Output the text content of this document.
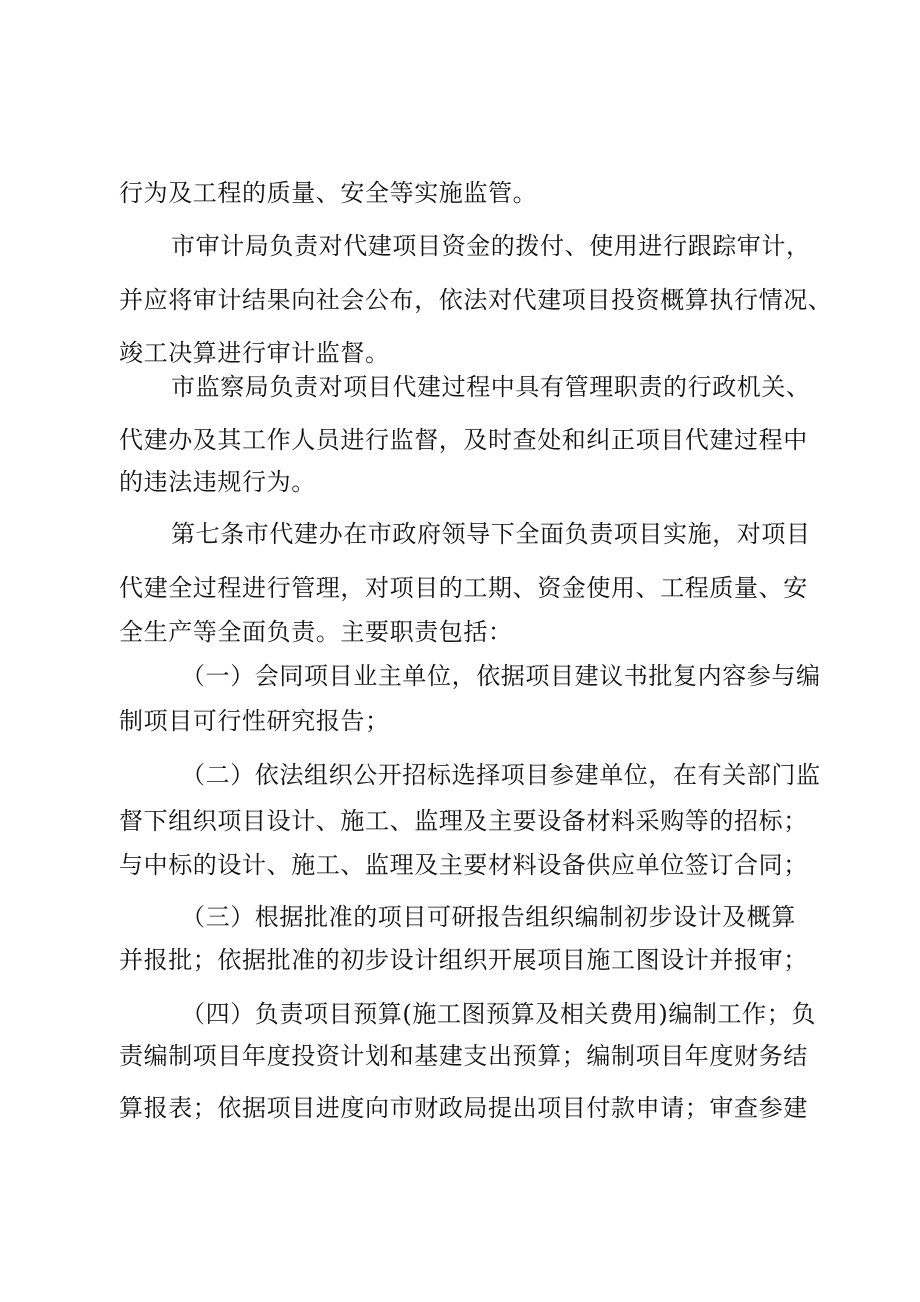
行为及工程的质量、安全等实施监管。
市审计局负责对代建项目资金的拨付、使用进行跟踪审计，
并应将审计结果向社会公布，依法对代建项目投资概算执行情况、
竣工决算进行审计监督。
市监察局负责对项目代建过程中具有管理职责的行政机关、
代建办及其工作人员进行监督，及时查处和纠正项目代建过程中
的违法违规行为。
第七条市代建办在市政府领导下全面负责项目实施，对项目
代建全过程进行管理，对项目的工期、资金使用、工程质量、安
全生产等全面负责。主要职责包括：
（一）会同项目业主单位，依据项目建议书批复内容参与编
制项目可行性研究报告；
（二）依法组织公开招标选择项目参建单位，在有关部门监
督下组织项目设计、施工、监理及主要设备材料采购等的招标；
与中标的设计、施工、监理及主要材料设备供应单位签订合同；
（三）根据批准的项目可研报告组织编制初步设计及概算
并报批；依据批准的初步设计组织开展项目施工图设计并报审；
（四）负责项目预算(施工图预算及相关费用)编制工作；负
责编制项目年度投资计划和基建支出预算；编制项目年度财务结
算报表；依据项目进度向市财政局提出项目付款申请；审查参建
